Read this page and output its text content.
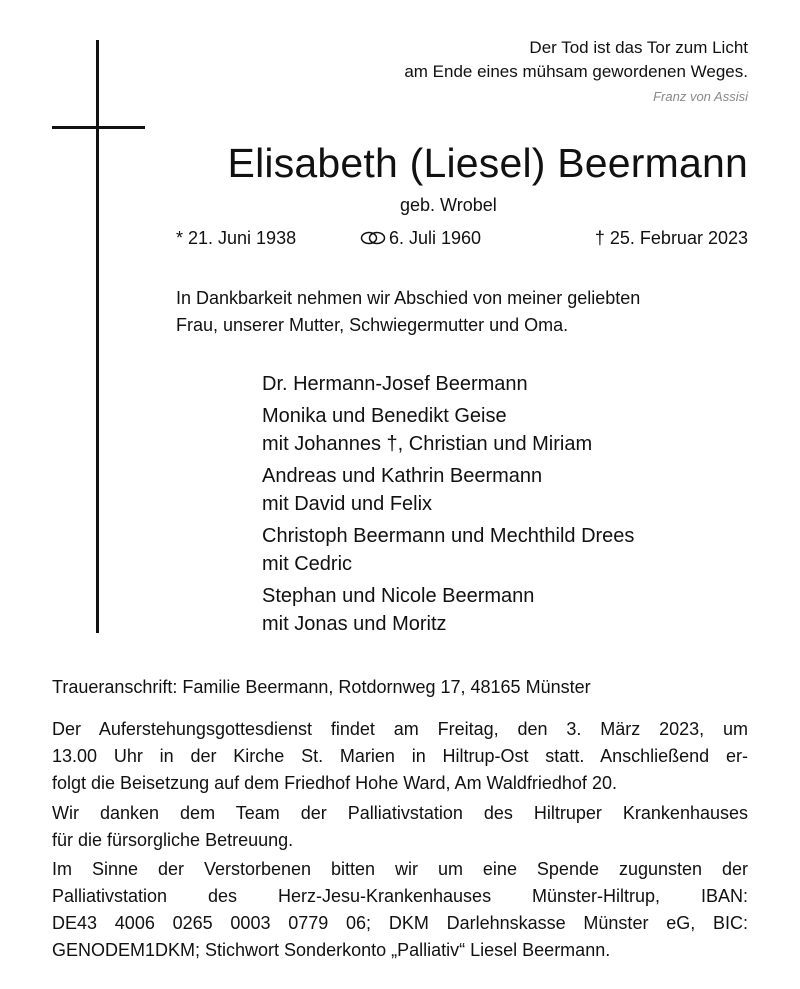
Der Tod ist das Tor zum Licht
am Ende eines mühsam gewordenen Weges.
Franz von Assisi
Elisabeth (Liesel) Beermann
geb. Wrobel
* 21. Juni 1938	6. Juli 1960	† 25. Februar 2023

In Dankbarkeit nehmen wir Abschied von meiner geliebten

Frau, unserer Mutter, Schwiegermutter und Oma.

Dr. Hermann-Josef Beermann
Monika und Benedikt Geise
mit Johannes †, Christian und Miriam
Andreas und Kathrin Beermann
mit David und Felix
Christoph Beermann und Mechthild Drees
mit Cedric
Stephan und Nicole Beermann
mit Jonas und Moritz
Traueranschrift: Familie Beermann, Rotdornweg 17, 48165 Münster
Der Auferstehungsgottesdienst findet am Freitag, den 3. März 2023, um
13.00 Uhr in der Kirche St. Marien in Hiltrup-Ost statt. Anschließend er-
folgt die Beisetzung auf dem Friedhof Hohe Ward, Am Waldfriedhof 20.
Wir danken dem Team der Palliativstation des Hiltruper Krankenhauses
für die fürsorgliche Betreuung.
Im Sinne der Verstorbenen bitten wir um eine Spende zugunsten der
Palliativstation des Herz-Jesu-Krankenhauses Münster-Hiltrup, IBAN:
DE43 4006 0265 0003 0779 06; DKM Darlehnskasse Münster eG, BIC:
GENODEM1DKM; Stichwort Sonderkonto „Palliativ“ Liesel Beermann.
